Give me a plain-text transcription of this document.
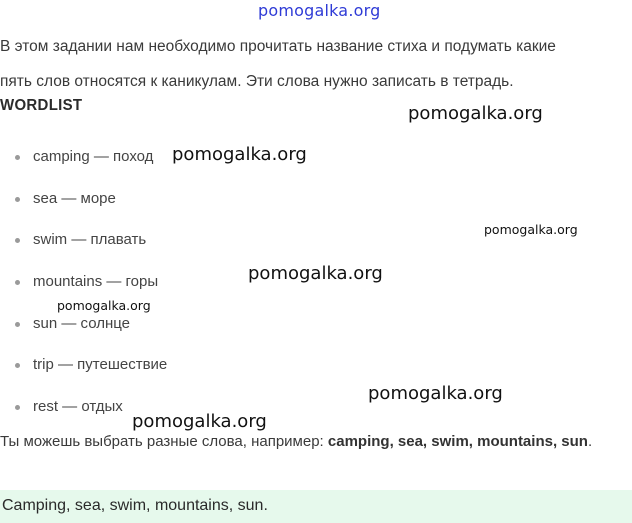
pomogalka.org

В этом задании нам необходимо прочитать название стиха и подумать какие
пять слов относятся к каникулам. Эти слова нужно записать в тетрадь.

WORDLIST
camping — поход
sea — море
swim — плавать
mountains — горы
sun — солнце
trip — путешествие
rest — отдых

Ты можешь выбрать разные слова, например: camping, sea, swim, mountains, sun.

Camping, sea, swim, mountains, sun.
pomogalka.org
pomogalka.org
pomogalka.org
pomogalka.org
pomogalka.org
pomogalka.org
pomogalka.org
